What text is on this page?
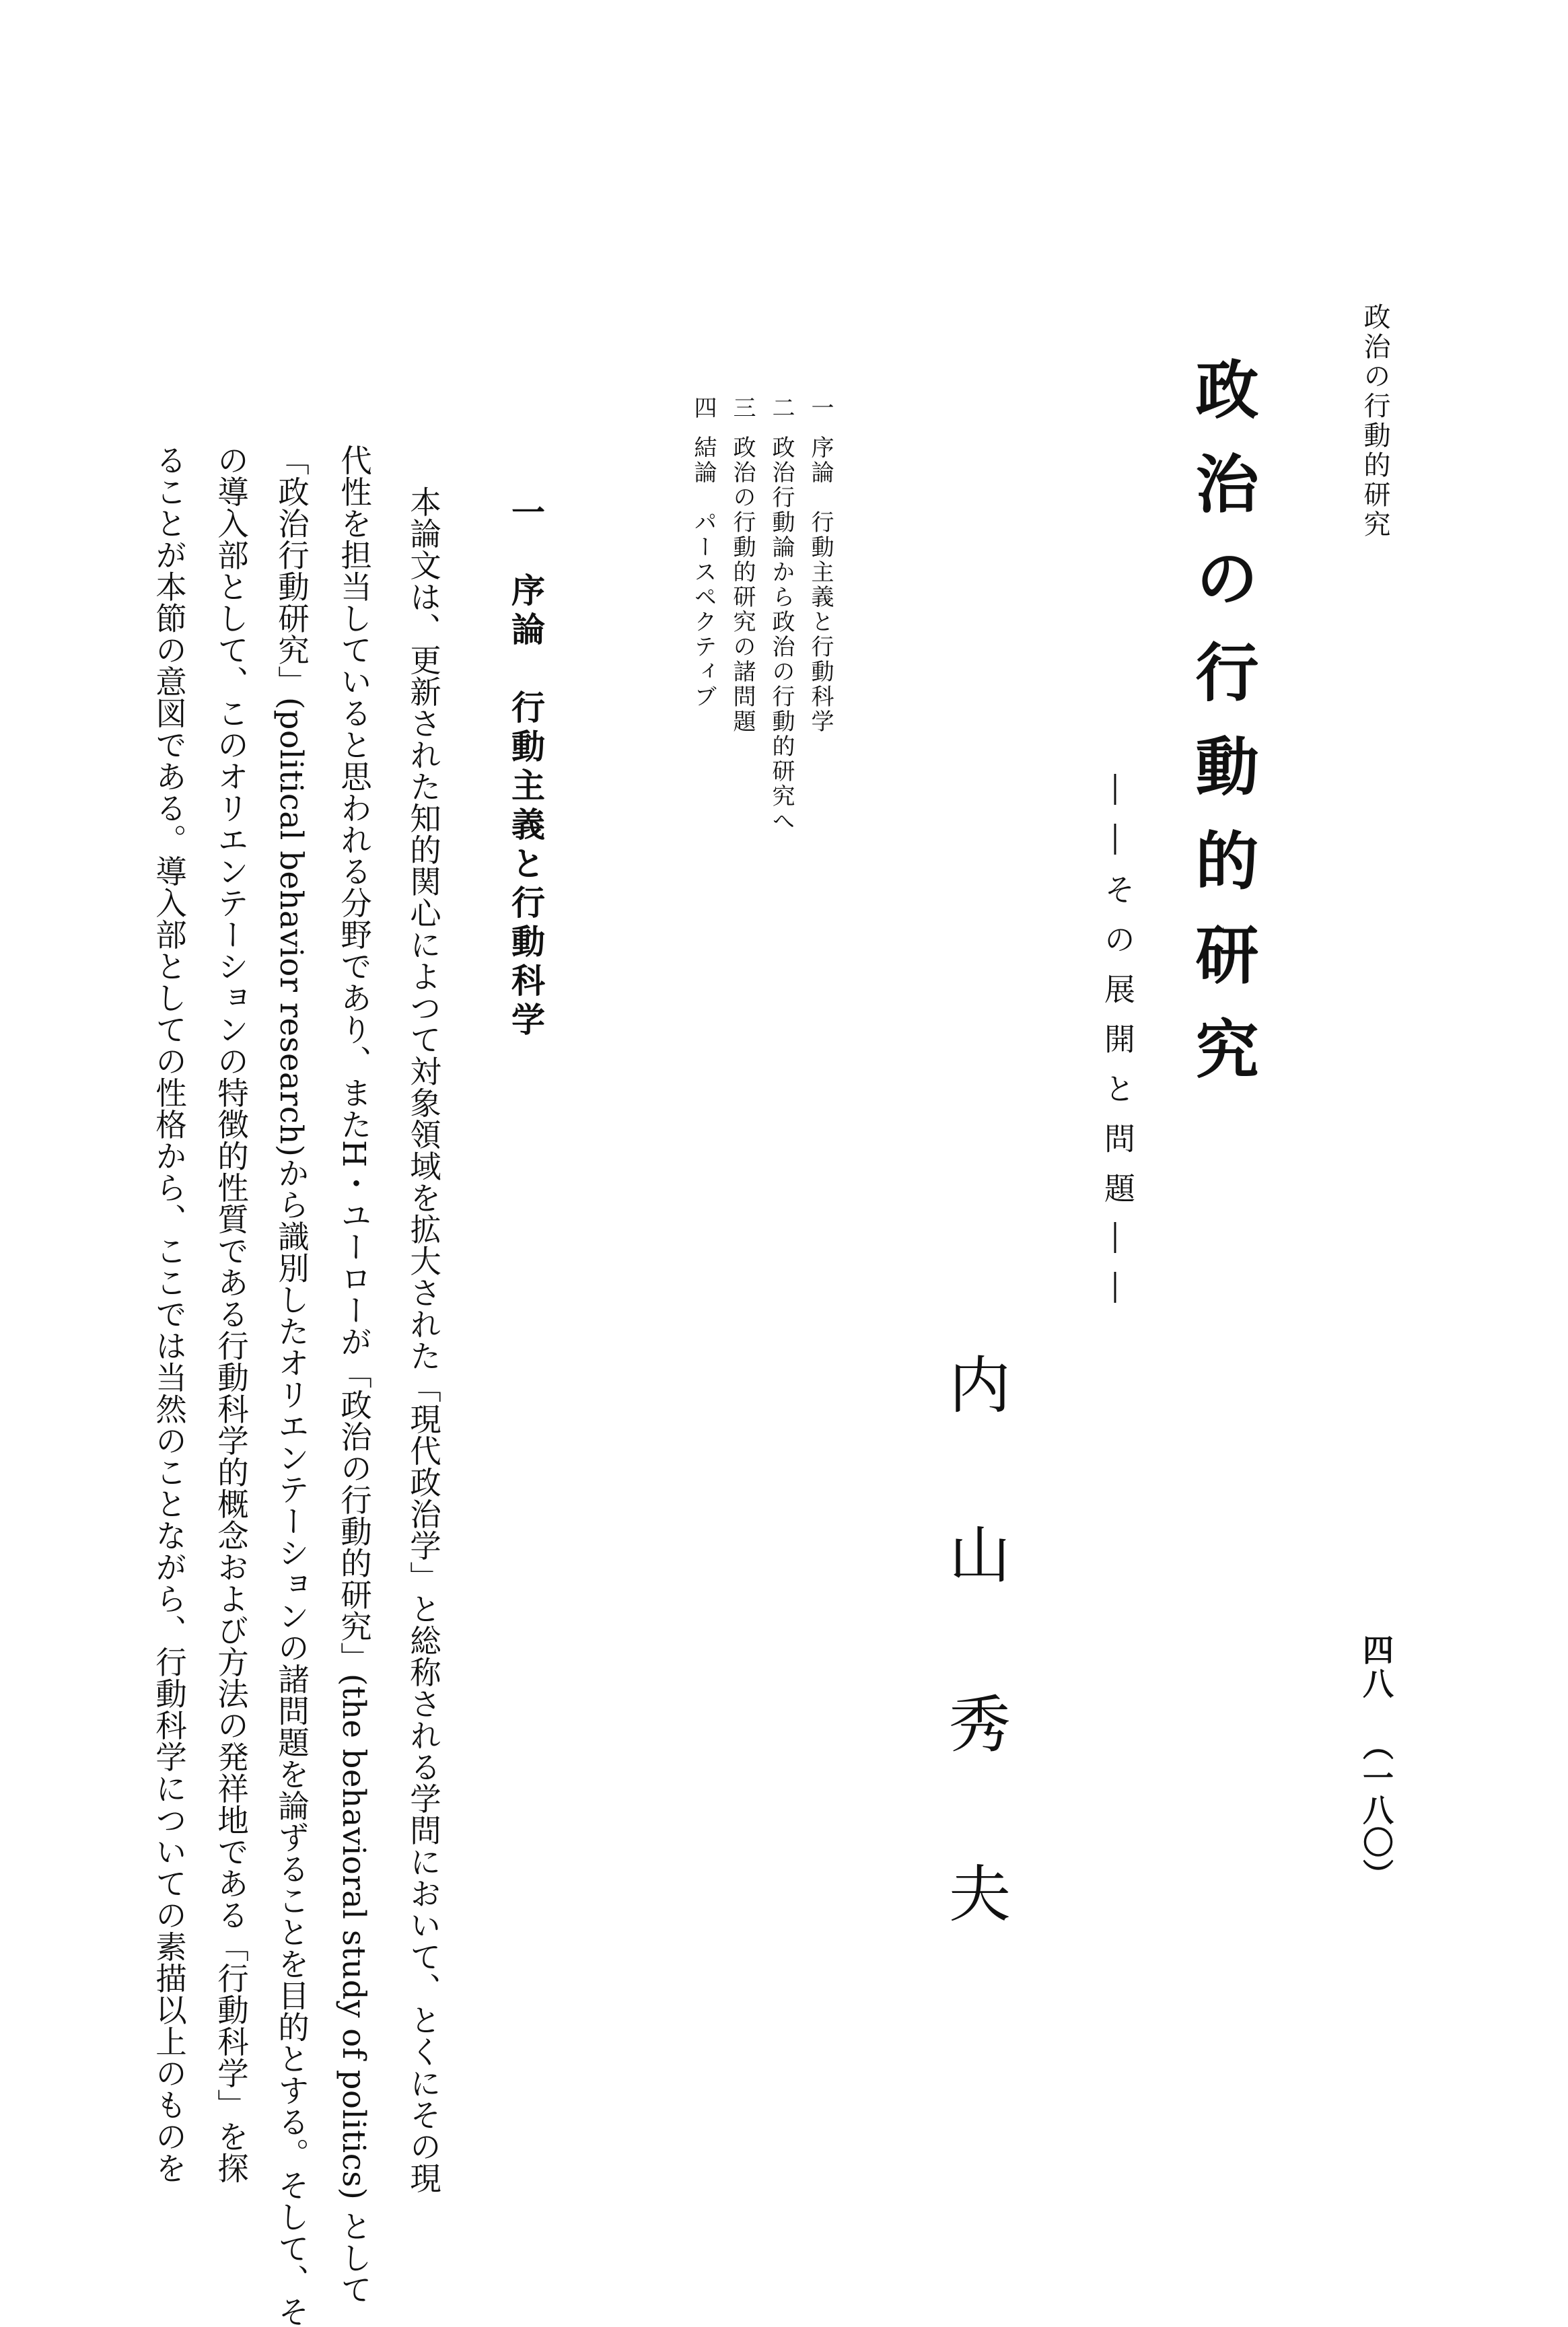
政治の行動的研究
四八
（一八〇）
政治の行動的研究
――その展開と問題――
内山秀夫
一序論　行動主義と行動科学
二政治行動論から政治の行動的研究へ
三政治の行動的研究の諸問題
四結論　パースペクティブ
一　序論　行動主義と行動科学

本論文は、更新された知的関心によつて対象領域を拡大された「現代政治学」と総称される学問において、とくにその現

代性を担当していると思われる分野であり、またH・ユーローが「政治の行動的研究」(the behavioral study of politics) として

「政治行動研究」(political behavior research)から識別したオリエンテーションの諸問題を論ずることを目的とする。そして、そ

の導入部として、このオリエンテーションの特徴的性質である行動科学的概念および方法の発祥地である「行動科学」を探

ることが本節の意図である。導入部としての性格から、ここでは当然のことながら、行動科学についての素描以上のものを
